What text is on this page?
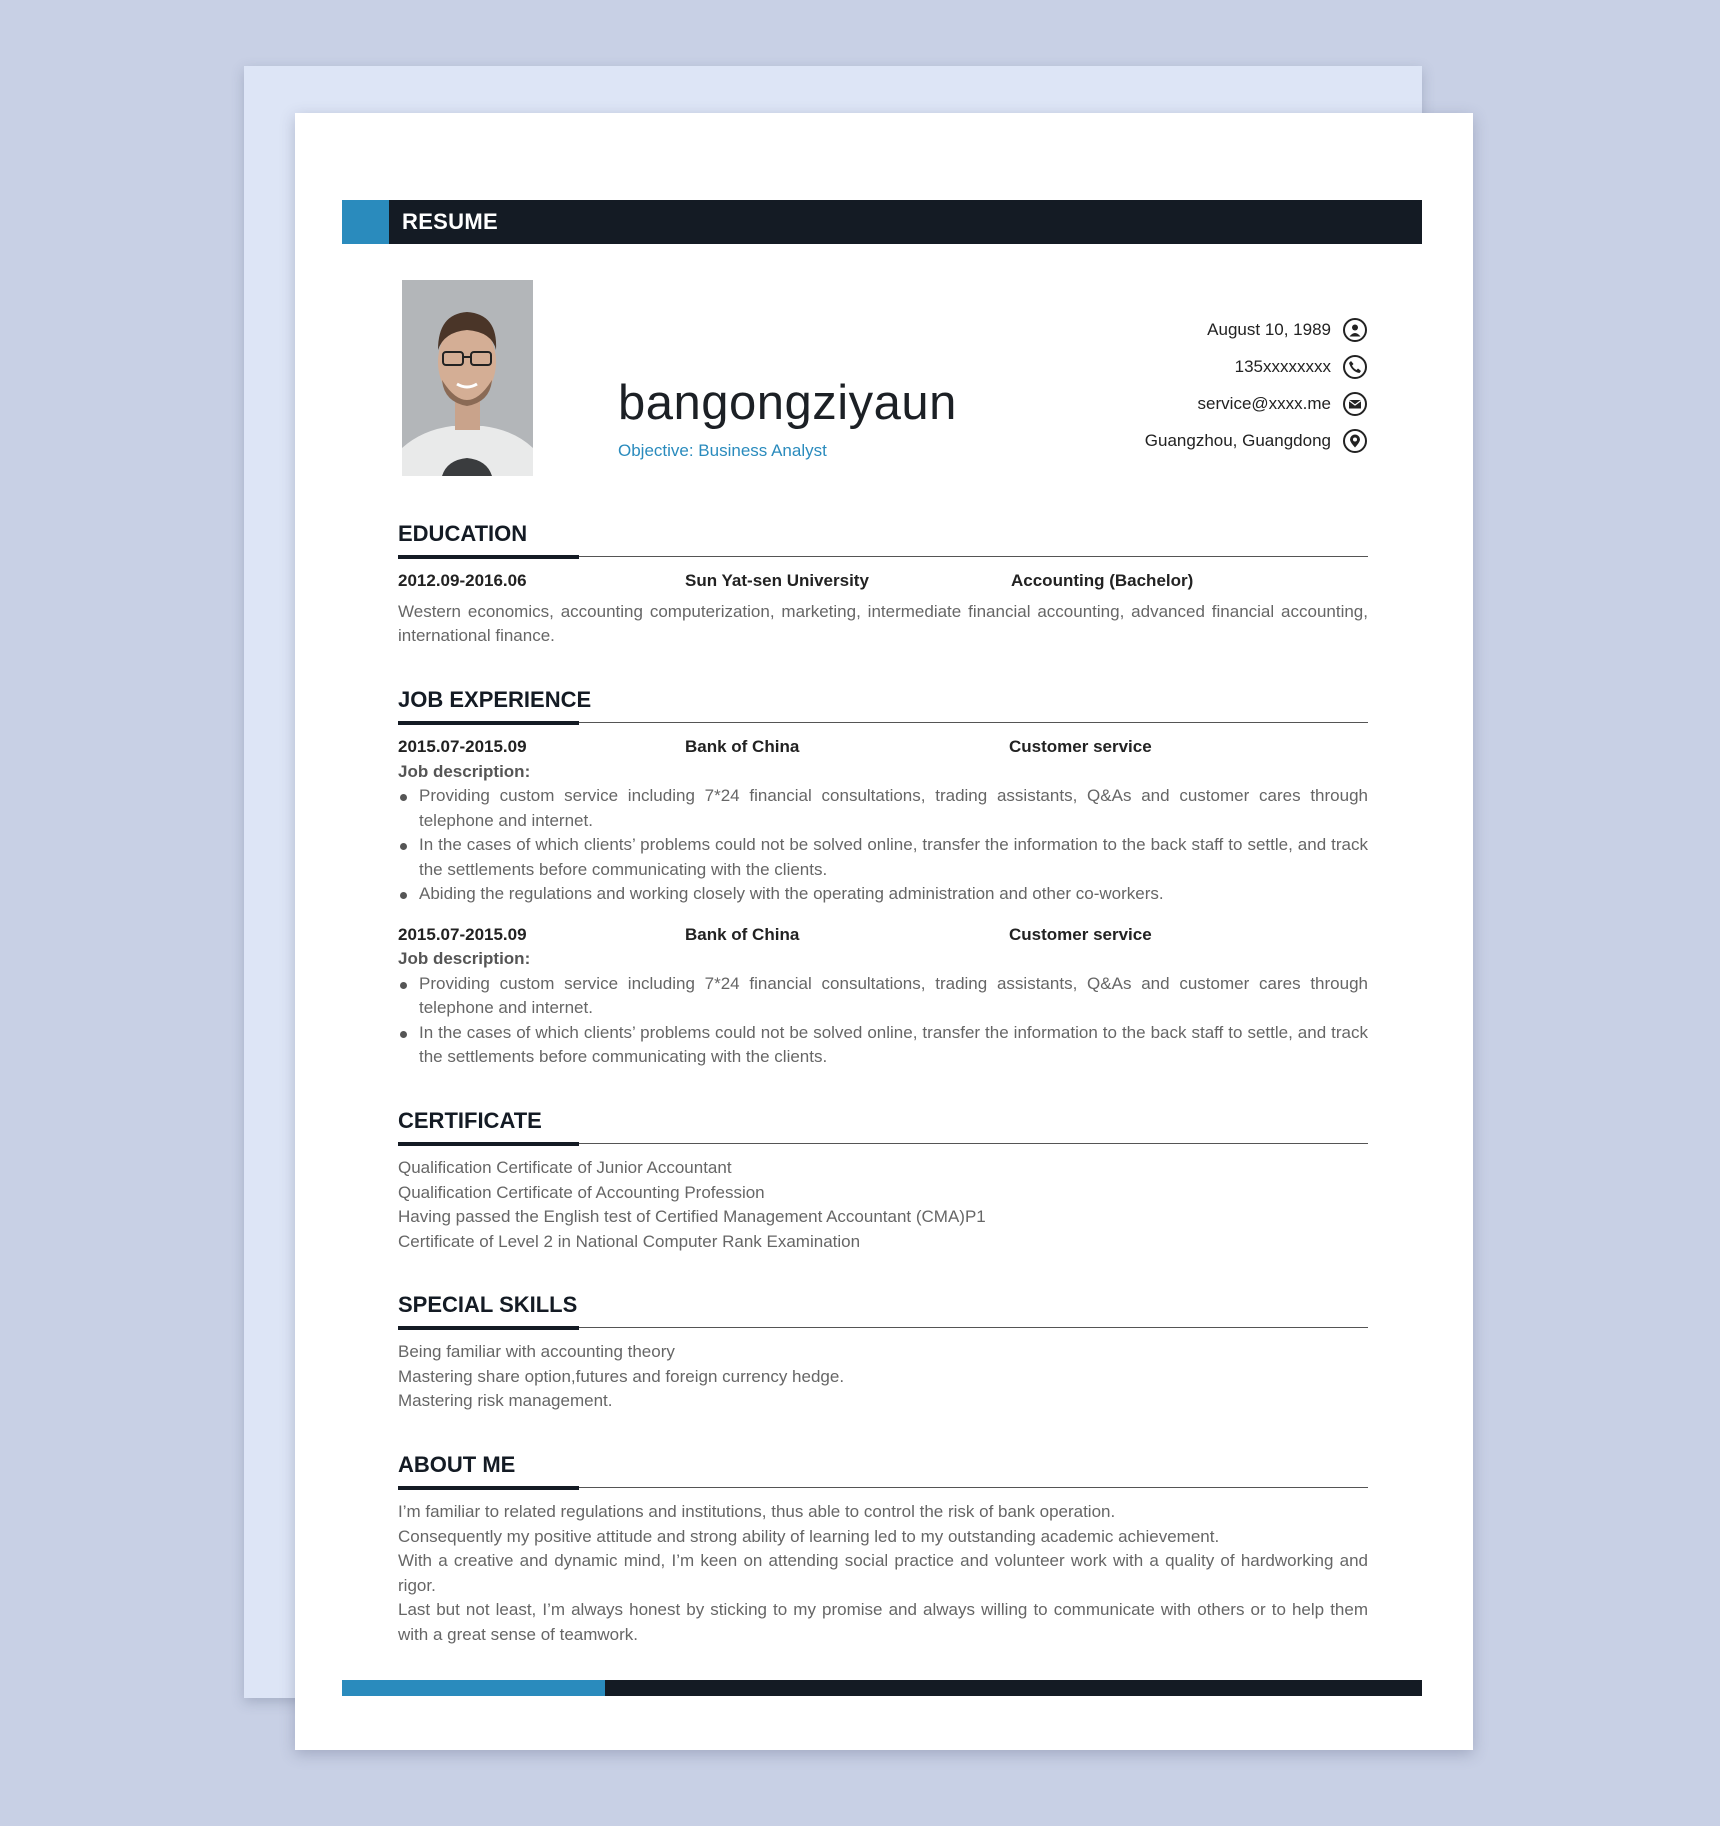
RESUME
bangongziyaun
Objective: Business Analyst
August 10, 1989
135xxxxxxxx
service@xxxx.me
Guangzhou, Guangdong
EDUCATION
2012.09-2016.06	Sun Yat-sen University	Accounting (Bachelor)
Western economics, accounting computerization, marketing, intermediate financial accounting, advanced financial accounting, international finance.
JOB EXPERIENCE
2015.07-2015.09	Bank of China	Customer service
Job description:
Providing custom service including 7*24 financial consultations, trading assistants, Q&As and customer cares through telephone and internet.
In the cases of which clients’ problems could not be solved online, transfer the information to the back staff to settle, and track the settlements before communicating with the clients.
Abiding the regulations and working closely with the operating administration and other co-workers.
2015.07-2015.09	Bank of China	Customer service
Job description:
Providing custom service including 7*24 financial consultations, trading assistants, Q&As and customer cares through telephone and internet.
In the cases of which clients’ problems could not be solved online, transfer the information to the back staff to settle, and track the settlements before communicating with the clients.
CERTIFICATE
Qualification Certificate of Junior Accountant
Qualification Certificate of Accounting Profession
Having passed the English test of Certified Management Accountant (CMA)P1
Certificate of Level 2 in National Computer Rank Examination
SPECIAL SKILLS
Being familiar with accounting theory
Mastering share option,futures and foreign currency hedge.
Mastering risk management.
ABOUT ME
I’m familiar to related regulations and institutions, thus able to control the risk of bank operation.
Consequently my positive attitude and strong ability of learning led to my outstanding academic achievement.
With a creative and dynamic mind, I’m keen on attending social practice and volunteer work with a quality of hardworking and rigor.
Last but not least, I’m always honest by sticking to my promise and always willing to communicate with others or to help them with a great sense of teamwork.
